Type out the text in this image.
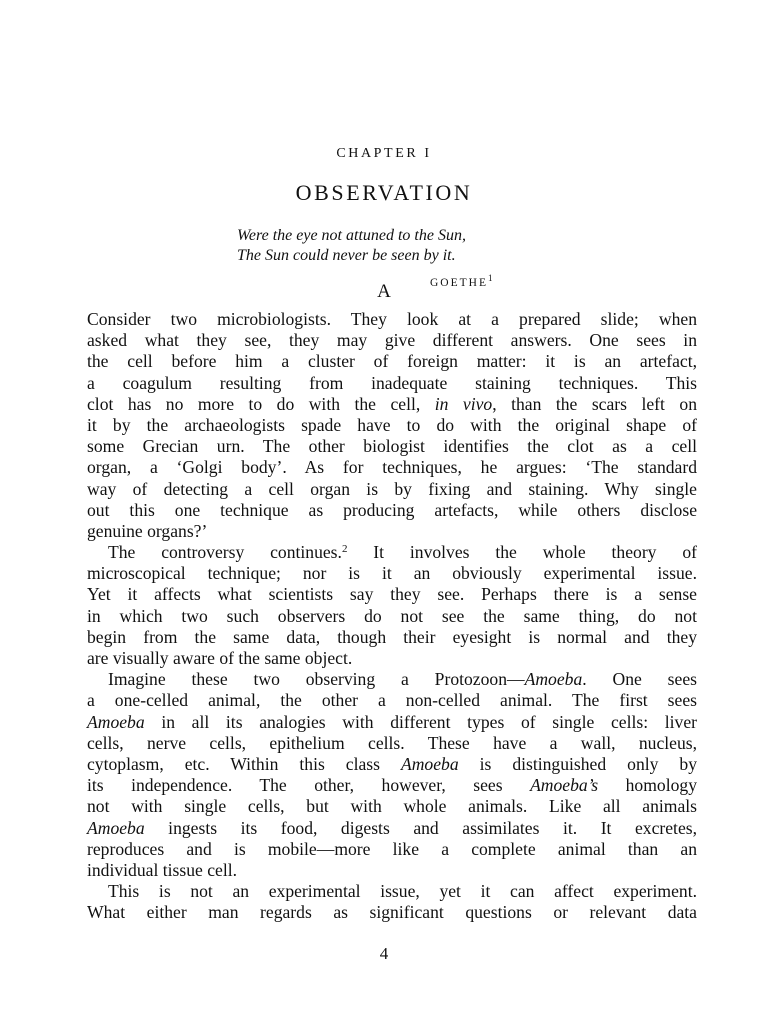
CHAPTER I
OBSERVATION
Were the eye not attuned to the Sun,
The Sun could never be seen by it.
GOETHE$^1$
A
Consider two microbiologists. They look at a prepared slide; when
asked what they see, they may give different answers. One sees in
the cell before him a cluster of foreign matter: it is an artefact,
a coagulum resulting from inadequate staining techniques. This
clot has no more to do with the cell, in vivo, than the scars left on
it by the archaeologists spade have to do with the original shape of
some Grecian urn. The other biologist identifies the clot as a cell
organ, a ‘Golgi body’. As for techniques, he argues: ‘The standard
way of detecting a cell organ is by fixing and staining. Why single
out this one technique as producing artefacts, while others disclose
genuine organs?’
The controversy continues.$^2$ It involves the whole theory of
microscopical technique; nor is it an obviously experimental issue.
Yet it affects what scientists say they see. Perhaps there is a sense
in which two such observers do not see the same thing, do not
begin from the same data, though their eyesight is normal and they
are visually aware of the same object.
Imagine these two observing a Protozoon—Amoeba. One sees
a one-celled animal, the other a non-celled animal. The first sees
Amoeba in all its analogies with different types of single cells: liver
cells, nerve cells, epithelium cells. These have a wall, nucleus,
cytoplasm, etc. Within this class Amoeba is distinguished only by
its independence. The other, however, sees Amoeba’s homology
not with single cells, but with whole animals. Like all animals
Amoeba ingests its food, digests and assimilates it. It excretes,
reproduces and is mobile—more like a complete animal than an
individual tissue cell.
This is not an experimental issue, yet it can affect experiment.
What either man regards as significant questions or relevant data
4
